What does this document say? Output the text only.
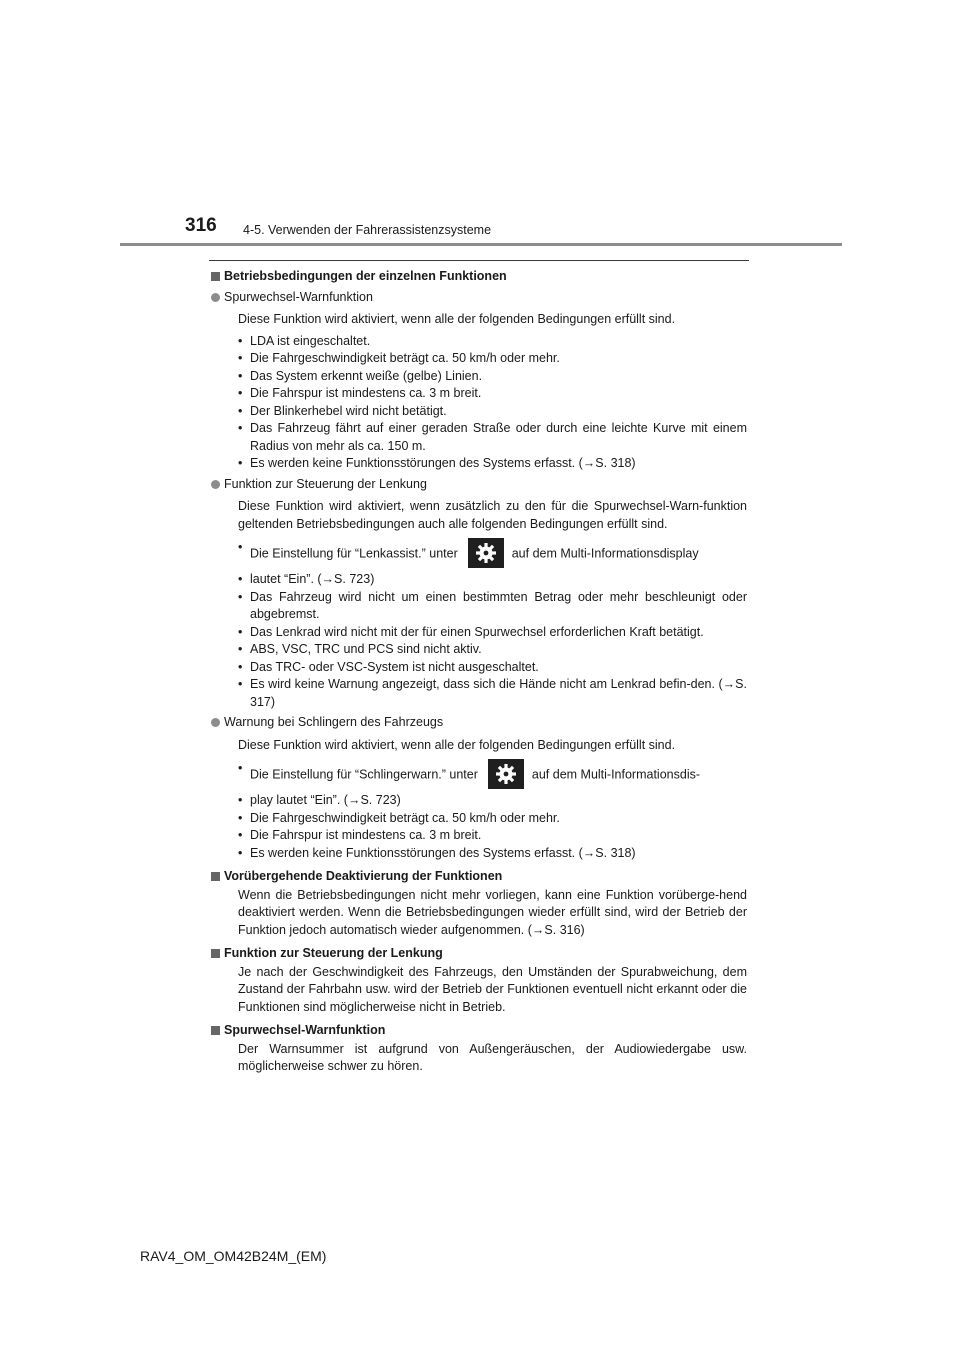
316 4-5. Verwenden der Fahrerassistenzsysteme
Betriebsbedingungen der einzelnen Funktionen
Spurwechsel-Warnfunktion
Diese Funktion wird aktiviert, wenn alle der folgenden Bedingungen erfüllt sind.
• LDA ist eingeschaltet.
• Die Fahrgeschwindigkeit beträgt ca. 50 km/h oder mehr.
• Das System erkennt weiße (gelbe) Linien.
• Die Fahrspur ist mindestens ca. 3 m breit.
• Der Blinkerhebel wird nicht betätigt.
• Das Fahrzeug fährt auf einer geraden Straße oder durch eine leichte Kurve mit einem Radius von mehr als ca. 150 m.
• Es werden keine Funktionsstörungen des Systems erfasst. (→S. 318)
Funktion zur Steuerung der Lenkung
Diese Funktion wird aktiviert, wenn zusätzlich zu den für die Spurwechsel-Warn-funktion geltenden Betriebsbedingungen auch alle folgenden Bedingungen erfüllt sind.
• Die Einstellung für “Lenkassist.” unter	auf dem Multi-Informationsdisplay
• lautet “Ein”. (→S. 723)
• Das Fahrzeug wird nicht um einen bestimmten Betrag oder mehr beschleunigt oder abgebremst.
• Das Lenkrad wird nicht mit der für einen Spurwechsel erforderlichen Kraft betätigt.
• ABS, VSC, TRC und PCS sind nicht aktiv.
• Das TRC- oder VSC-System ist nicht ausgeschaltet.
• Es wird keine Warnung angezeigt, dass sich die Hände nicht am Lenkrad befin-den. (→S. 317)
Warnung bei Schlingern des Fahrzeugs
Diese Funktion wird aktiviert, wenn alle der folgenden Bedingungen erfüllt sind.
• Die Einstellung für “Schlingerwarn.” unter	auf dem Multi-Informationsdis-
• play lautet “Ein”. (→S. 723)
• Die Fahrgeschwindigkeit beträgt ca. 50 km/h oder mehr.
• Die Fahrspur ist mindestens ca. 3 m breit.
• Es werden keine Funktionsstörungen des Systems erfasst. (→S. 318)
Vorübergehende Deaktivierung der Funktionen
Wenn die Betriebsbedingungen nicht mehr vorliegen, kann eine Funktion vorüberge-hend deaktiviert werden. Wenn die Betriebsbedingungen wieder erfüllt sind, wird der Betrieb der Funktion jedoch automatisch wieder aufgenommen. (→S. 316)
Funktion zur Steuerung der Lenkung
Je nach der Geschwindigkeit des Fahrzeugs, den Umständen der Spurabweichung, dem Zustand der Fahrbahn usw. wird der Betrieb der Funktionen eventuell nicht erkannt oder die Funktionen sind möglicherweise nicht in Betrieb.
Spurwechsel-Warnfunktion
Der Warnsummer ist aufgrund von Außengeräuschen, der Audiowiedergabe usw. möglicherweise schwer zu hören.
RAV4_OM_OM42B24M_(EM)
